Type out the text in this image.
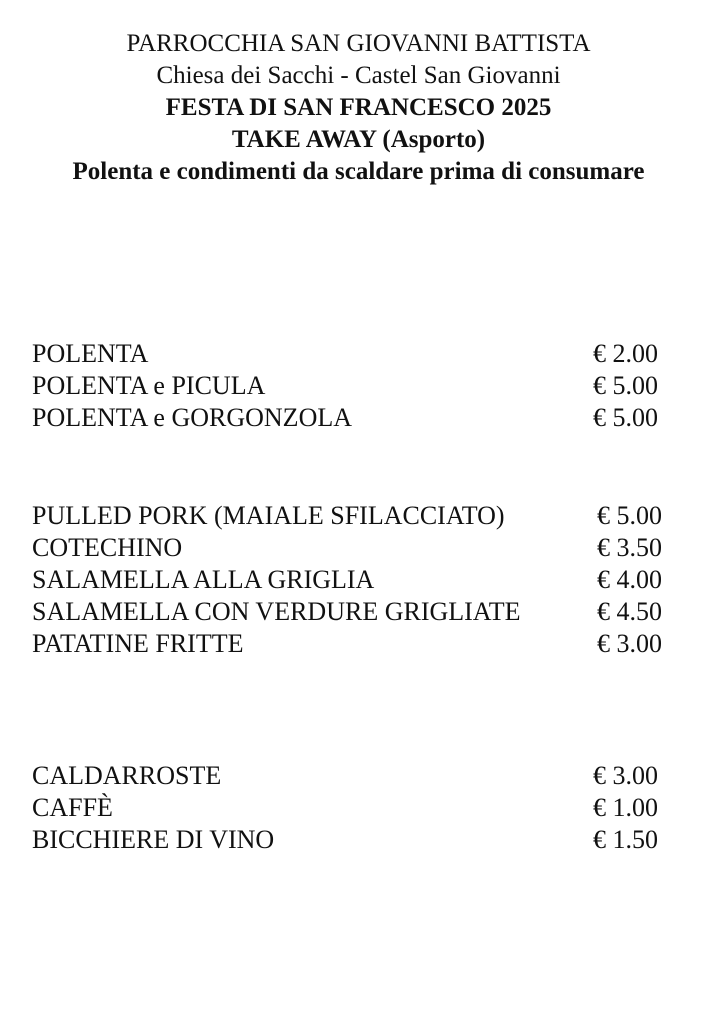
PARROCCHIA SAN GIOVANNI BATTISTA
Chiesa dei Sacchi - Castel San Giovanni
FESTA DI SAN FRANCESCO 2025
TAKE AWAY (Asporto)
Polenta e condimenti da scaldare prima di consumare
POLENTA	€ 2.00
POLENTA e PICULA	€ 5.00
POLENTA e GORGONZOLA	€ 5.00
PULLED PORK (MAIALE SFILACCIATO)	€ 5.00
COTECHINO	€ 3.50
SALAMELLA ALLA GRIGLIA	€ 4.00
SALAMELLA CON VERDURE GRIGLIATE	€ 4.50
PATATINE FRITTE	€ 3.00
CALDARROSTE	€ 3.00
CAFFÈ	€ 1.00
BICCHIERE DI VINO	€ 1.50
